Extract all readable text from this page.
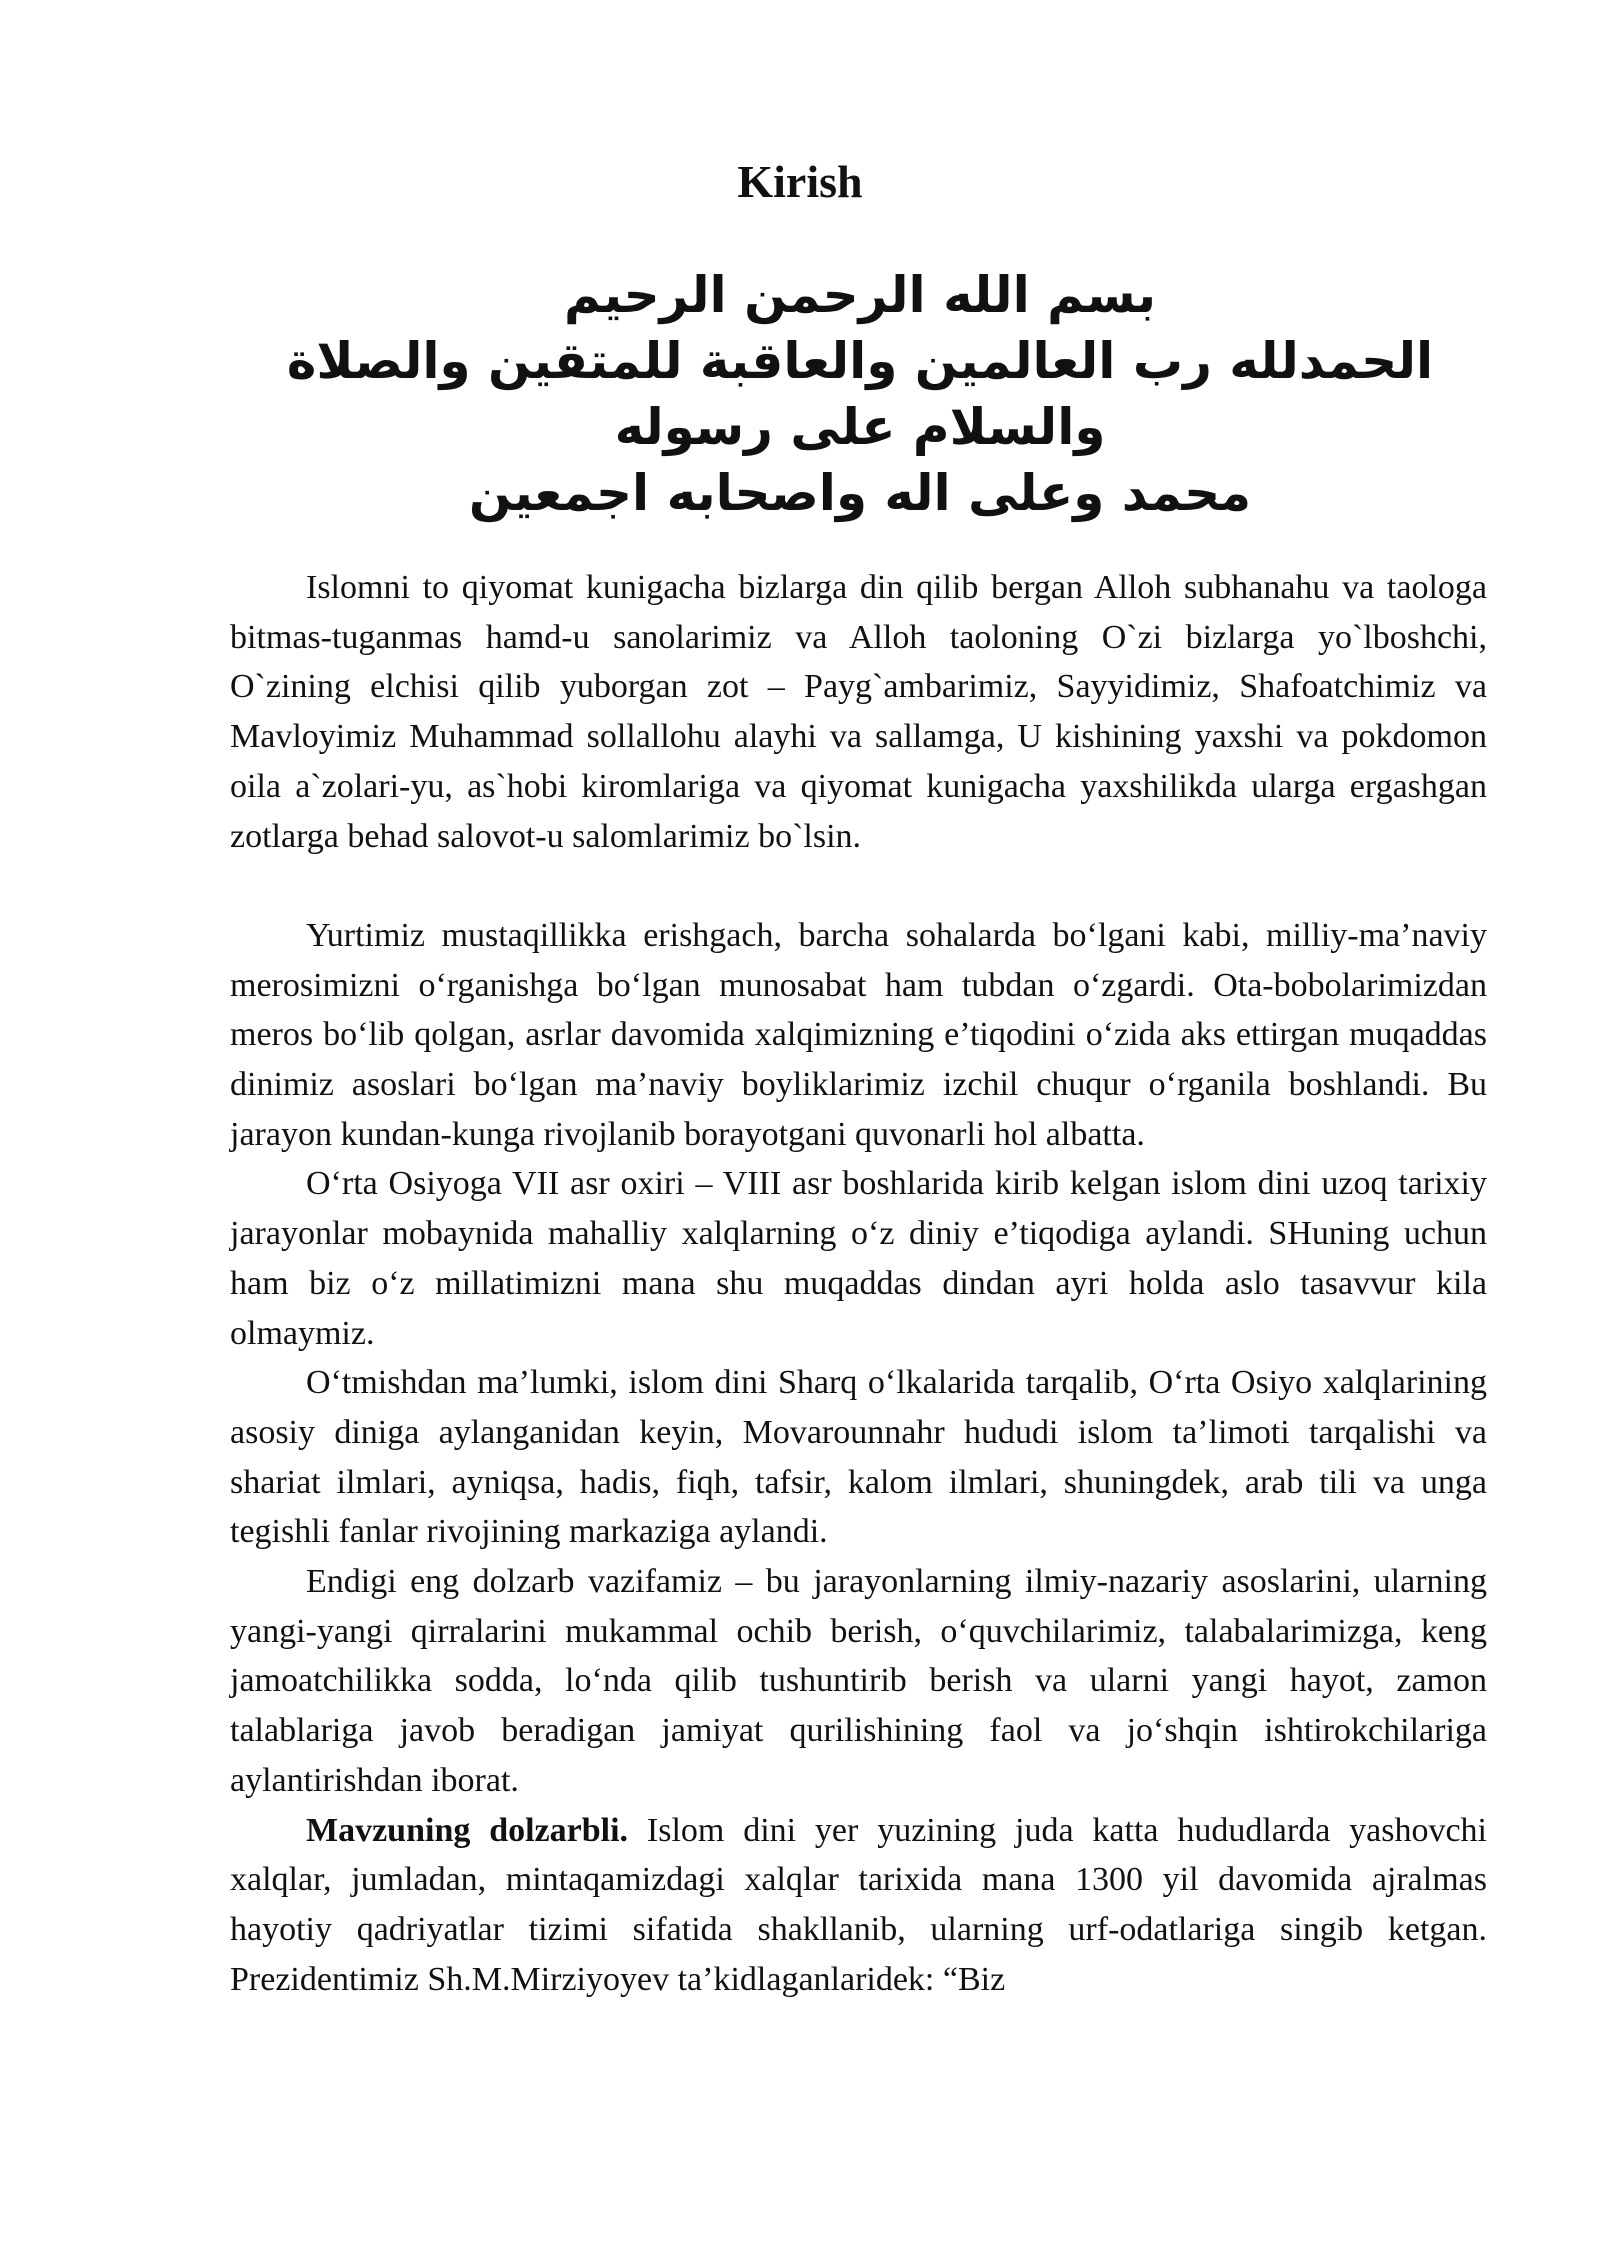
Kirish
بسم الله الرحمن الرحيم
الحمدلله رب العالمين والعاقبة للمتقين والصلاة
والسلام على رسوله
محمد وعلى اله واصحابه اجمعين

Islomni to qiyomat kunigacha bizlarga din qilib bergan Alloh subhanahu va taologa bitmas-tuganmas hamd-u sanolarimiz va Alloh taoloning O`zi bizlarga yo`lboshchi, O`zining elchisi qilib yuborgan zot – Payg`ambarimiz, Sayyidimiz, Shafoatchimiz va Mavloyimiz Muhammad sollallohu alayhi va sallamga, U kishining yaxshi va pokdomon oila a`zolari-yu, as`hobi kiromlariga va qiyomat kunigacha yaxshilikda ularga ergashgan zotlarga behad salovot-u salomlarimiz bo`lsin.

Yurtimiz mustaqillikka erishgach, barcha sohalarda bo‘lgani kabi, milliy-ma’naviy merosimizni o‘rganishga bo‘lgan munosabat ham tubdan o‘zgardi. Ota-bobolarimizdan meros bo‘lib qolgan, asrlar davomida xalqimizning e’tiqodini o‘zida aks ettirgan muqaddas dinimiz asoslari bo‘lgan ma’naviy boyliklarimiz izchil chuqur o‘rganila boshlandi. Bu jarayon kundan-kunga rivojlanib borayotgani quvonarli hol albatta.

O‘rta Osiyoga VII asr oxiri – VIII asr boshlarida kirib kelgan islom dini uzoq tarixiy jarayonlar mobaynida mahalliy xalqlarning o‘z diniy e’tiqodiga aylandi. SHuning uchun ham biz o‘z millatimizni mana shu muqaddas dindan ayri holda aslo tasavvur kila olmaymiz.

O‘tmishdan ma’lumki, islom dini Sharq o‘lkalarida tarqalib, O‘rta Osiyo xalqlarining asosiy diniga aylanganidan keyin, Movarounnahr hududi islom ta’limoti tarqalishi va shariat ilmlari, ayniqsa, hadis, fiqh, tafsir, kalom ilmlari, shuningdek, arab tili va unga tegishli fanlar rivojining markaziga aylandi.

Endigi eng dolzarb vazifamiz – bu jarayonlarning ilmiy-nazariy asoslarini, ularning yangi-yangi qirralarini mukammal ochib berish, o‘quvchilarimiz, talabalarimizga, keng jamoatchilikka sodda, lo‘nda qilib tushuntirib berish va ularni yangi hayot, zamon talablariga javob beradigan jamiyat qurilishining faol va jo‘shqin ishtirokchilariga aylantirishdan iborat.

Mavzuning dolzarbli. Islom dini yer yuzining juda katta hududlarda yashovchi xalqlar, jumladan, mintaqamizdagi xalqlar tarixida mana 1300 yil davomida ajralmas hayotiy qadriyatlar tizimi sifatida shakllanib, ularning urf-odatlariga singib ketgan. Prezidentimiz Sh.M.Mirziyoyev ta’kidlaganlaridek: “Biz
